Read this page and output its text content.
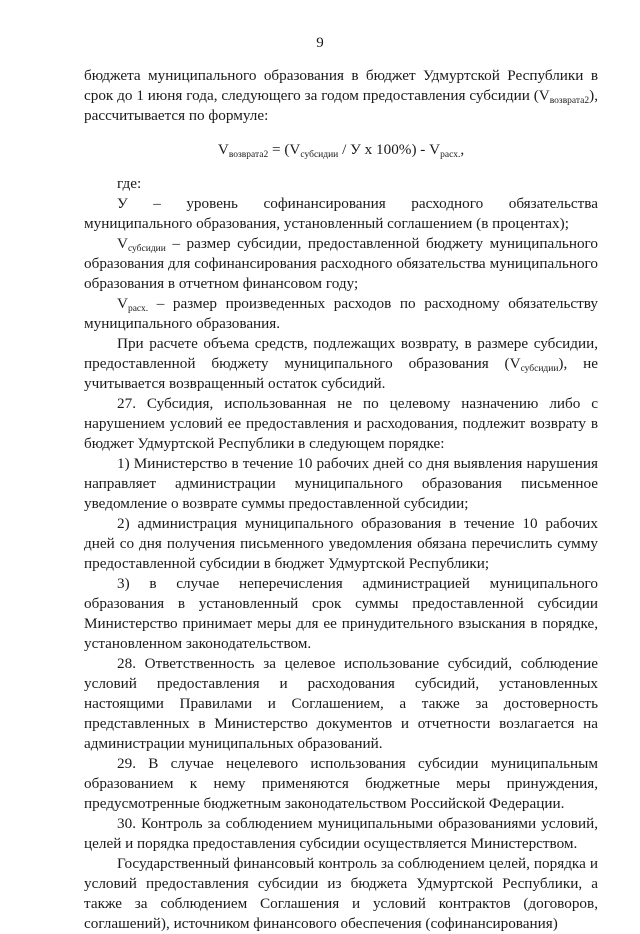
9

бюджета муниципального образования в бюджет Удмуртской Республики в срок до 1 июня года, следующего за годом предоставления субсидии $(V_{возврата2})$, рассчитывается по формуле:

$V_{возврата2} = (V_{субсидии} / У$ х $100\%) - V_{расх.}$,

где:

У – уровень софинансирования расходного обязательства

муниципального образования, установленный соглашением (в процентах);

$V_{субсидии}$ – размер субсидии, предоставленной бюджету муниципального образования для софинансирования расходного обязательства муниципального образования в отчетном финансовом году;

$V_{расх.}$ – размер произведенных расходов по расходному обязательству муниципального образования.

При расчете объема средств, подлежащих возврату, в размере субсидии, предоставленной бюджету муниципального образования $(V_{субсидии})$, не учитывается возвращенный остаток субсидий.

27. Субсидия, использованная не по целевому назначению либо с нарушением условий ее предоставления и расходования, подлежит возврату в бюджет Удмуртской Республики в следующем порядке:

1) Министерство в течение 10 рабочих дней со дня выявления нарушения направляет администрации муниципального образования письменное уведомление о возврате суммы предоставленной субсидии;

2) администрация муниципального образования в течение 10 рабочих дней со дня получения письменного уведомления обязана перечислить сумму предоставленной субсидии в бюджет Удмуртской Республики;

3) в случае неперечисления администрацией муниципального образования в установленный срок суммы предоставленной субсидии Министерство принимает меры для ее принудительного взыскания в порядке, установленном законодательством.

28. Ответственность за целевое использование субсидий, соблюдение условий предоставления и расходования субсидий, установленных настоящими Правилами и Соглашением, а также за достоверность представленных в Министерство документов и отчетности возлагается на администрации муниципальных образований.

29. В случае нецелевого использования субсидии муниципальным образованием к нему применяются бюджетные меры принуждения, предусмотренные бюджетным законодательством Российской Федерации.

30. Контроль за соблюдением муниципальными образованиями условий, целей и порядка предоставления субсидии осуществляется Министерством.

Государственный финансовый контроль за соблюдением целей, порядка и условий предоставления субсидии из бюджета Удмуртской Республики, а также за соблюдением Соглашения и условий контрактов (договоров, соглашений), источником финансового обеспечения (софинансирования)
